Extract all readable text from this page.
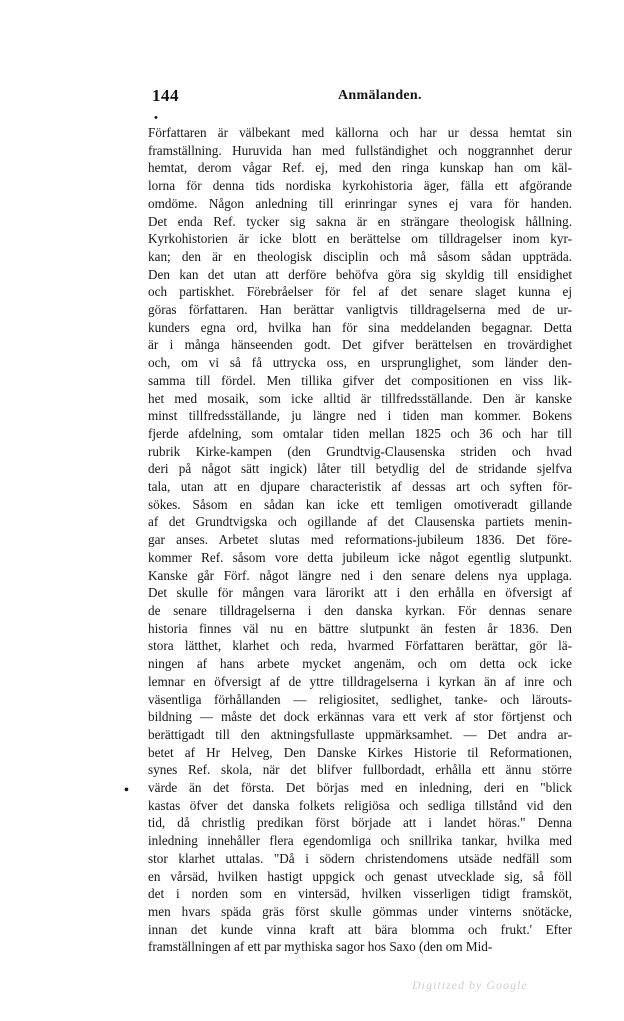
144	Anmälanden.
•
•
Författaren är välbekant med källorna och har ur dessa hemtat sin
framställning. Huruvida han med fullständighet och noggrannhet derur
hemtat, derom vågar Ref. ej, med den ringa kunskap han om käl-
lorna för denna tids nordiska kyrkohistoria äger, fälla ett afgörande
omdöme. Någon anledning till erinringar synes ej vara för handen.
Det enda Ref. tycker sig sakna är en strängare theologisk hållning.
Kyrkohistorien är icke blott en berättelse om tilldragelser inom kyr-
kan; den är en theologisk disciplin och må såsom sådan uppträda.
Den kan det utan att derföre behöfva göra sig skyldig till ensidighet
och partiskhet. Förebråelser för fel af det senare slaget kunna ej
göras författaren. Han berättar vanligtvis tilldragelserna med de ur-
kunders egna ord, hvilka han för sina meddelanden begagnar. Detta
är i många hänseenden godt. Det gifver berättelsen en trovärdighet
och, om vi så få uttrycka oss, en ursprunglighet, som länder den-
samma till fördel. Men tillika gifver det compositionen en viss lik-
het med mosaik, som icke alltid är tillfredsställande. Den är kanske
minst tillfredsställande, ju längre ned i tiden man kommer. Bokens
fjerde afdelning, som omtalar tiden mellan 1825 och 36 och har till
rubrik Kirke-kampen (den Grundtvig-Clausenska striden och hvad
deri på något sätt ingick) låter till betydlig del de stridande sjelfva
tala, utan att en djupare characteristik af dessas art och syften för-
sökes. Såsom en sådan kan icke ett temligen omotiveradt gillande
af det Grundtvigska och ogillande af det Clausenska partiets menin-
gar anses. Arbetet slutas med reformations-jubileum 1836. Det före-
kommer Ref. såsom vore detta jubileum icke något egentlig slutpunkt.
Kanske går Förf. något längre ned i den senare delens nya upplaga.
Det skulle för mången vara lärorikt att i den erhålla en öfversigt af
de senare tilldragelserna i den danska kyrkan. För dennas senare
historia finnes väl nu en bättre slutpunkt än festen år 1836. Den
stora lätthet, klarhet och reda, hvarmed Författaren berättar, gör lä-
ningen af hans arbete mycket angenäm, och om detta ock icke
lemnar en öfversigt af de yttre tilldragelserna i kyrkan än af inre och
väsentliga förhållanden — religiositet, sedlighet, tanke- och lärouts-
bildning — måste det dock erkännas vara ett verk af stor förtjenst och
berättigadt till den aktningsfullaste uppmärksamhet. — Det andra ar-
betet af Hr Helveg, Den Danske Kirkes Historie til Reformationen,
synes Ref. skola, när det blifver fullbordadt, erhålla ett ännu större
värde än det första. Det börjas med en inledning, deri en "blick
kastas öfver det danska folkets religiösa och sedliga tillstånd vid den
tid, då christlig predikan först började att i landet höras." Denna
inledning innehåller flera egendomliga och snillrika tankar, hvilka med
stor klarhet uttalas. "Då i södern christendomens utsäde nedfäll som
en vårsäd, hvilken hastigt uppgick och genast utvecklade sig, så föll
det i norden som en vintersäd, hvilken visserligen tidigt framsköt,
men hvars späda gräs först skulle gömmas under vinterns snötäcke,
innan det kunde vinna kraft att bära blomma och frukt.' Efter
framställningen af ett par mythiska sagor hos Saxo (den om Mid-
Digitized by Google
